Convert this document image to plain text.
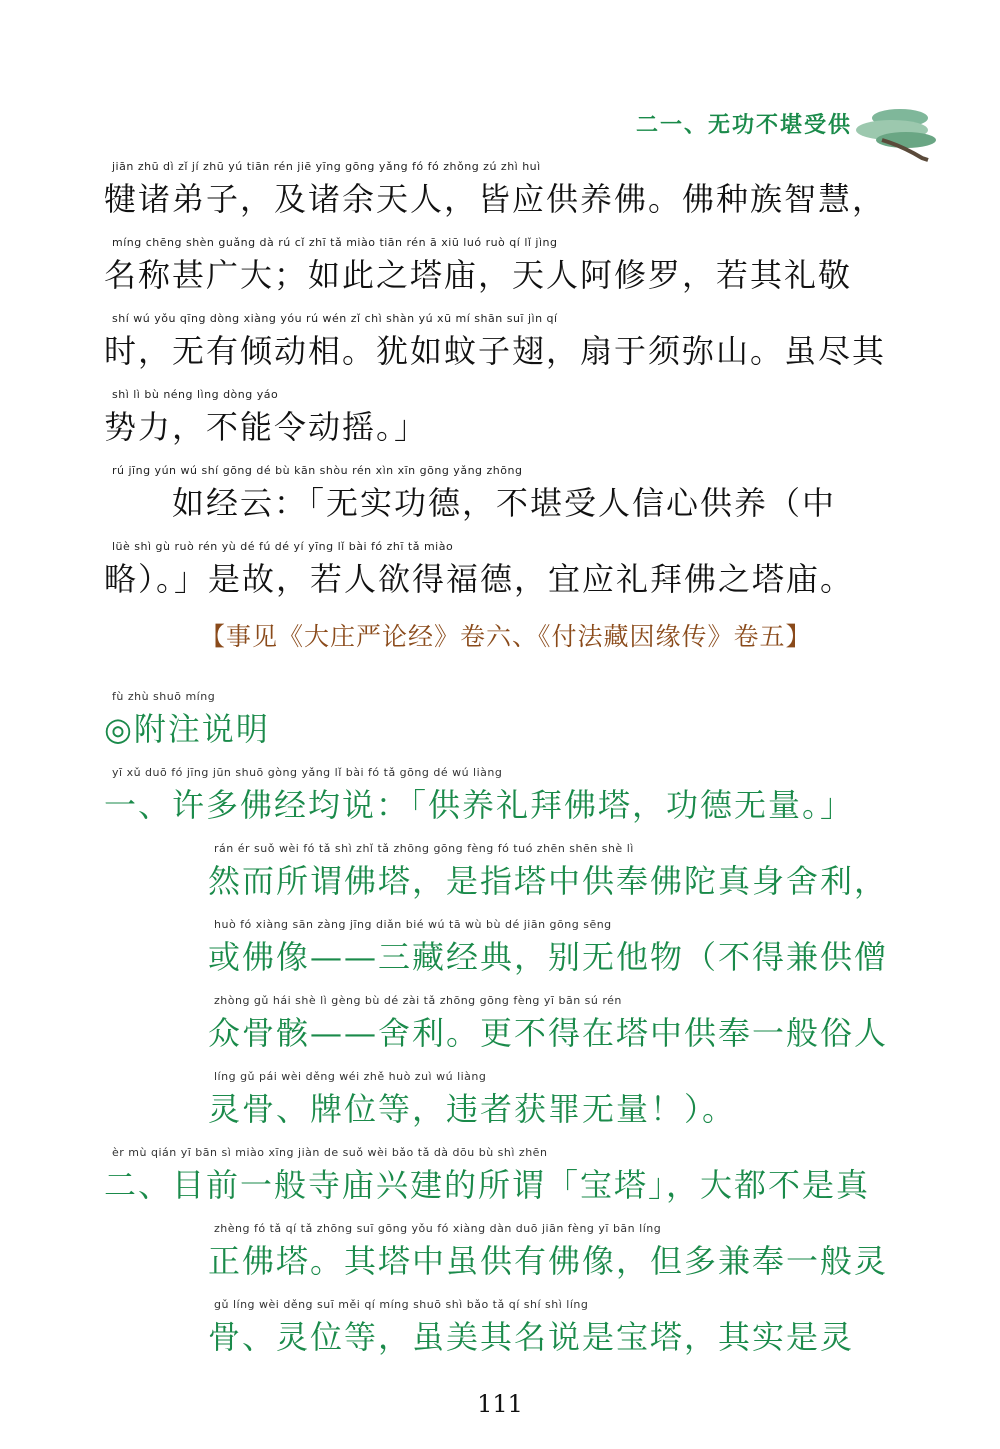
二一、无功不堪受供
jiān zhū dì zǐ jí zhū yú tiān rén jiē yīng gōng yǎng fó fó zhǒng zú zhì huì
犍诸弟子，及诸余天人，皆应供养佛。佛种族智慧，
míng chēng shèn guǎng dà rú cǐ zhī tǎ miào tiān rén ā xiū luó ruò qí lǐ jìng
名称甚广大；如此之塔庙，天人阿修罗，若其礼敬
shí wú yǒu qīng dòng xiàng yóu rú wén zǐ chì shàn yú xū mí shān suī jìn qí
时，无有倾动相。犹如蚊子翅，扇于须弥山。虽尽其
shì lì bù néng lìng dòng yáo
势力，不能令动摇。」
rú jīng yún wú shí gōng dé bù kān shòu rén xìn xīn gōng yǎng zhōng
　　如经云：「无实功德，不堪受人信心供养（中
lüè shì gù ruò rén yù dé fú dé yí yīng lǐ bài fó zhī tǎ miào
略）。」是故，若人欲得福德，宜应礼拜佛之塔庙。
【事见《大庄严论经》卷六、《付法藏因缘传》卷五】
fù zhù shuō míng
◎附注说明
yī xǔ duō fó jīng jūn shuō gòng yǎng lǐ bài fó tǎ gōng dé wú liàng
一、许多佛经均说：「供养礼拜佛塔，功德无量。」
rán ér suǒ wèi fó tǎ shì zhǐ tǎ zhōng gōng fèng fó tuó zhēn shēn shè lì
然而所谓佛塔，是指塔中供奉佛陀真身舍利，
huò fó xiàng sān zàng jīng diǎn bié wú tā wù bù dé jiān gōng sēng
或佛像——三藏经典，别无他物（不得兼供僧
zhòng gǔ hái shè lì gèng bù dé zài tǎ zhōng gōng fèng yī bān sú rén
众骨骸——舍利。更不得在塔中供奉一般俗人
líng gǔ pái wèi děng wéi zhě huò zuì wú liàng
灵骨、牌位等，违者获罪无量！）。
èr mù qián yī bān sì miào xīng jiàn de suǒ wèi bǎo tǎ dà dōu bù shì zhēn
二、目前一般寺庙兴建的所谓「宝塔」，大都不是真
zhèng fó tǎ qí tǎ zhōng suī gōng yǒu fó xiàng dàn duō jiān fèng yī bān líng
正佛塔。其塔中虽供有佛像，但多兼奉一般灵
gǔ líng wèi děng suī měi qí míng shuō shì bǎo tǎ qí shí shì líng
骨、灵位等，虽美其名说是宝塔，其实是灵
111
